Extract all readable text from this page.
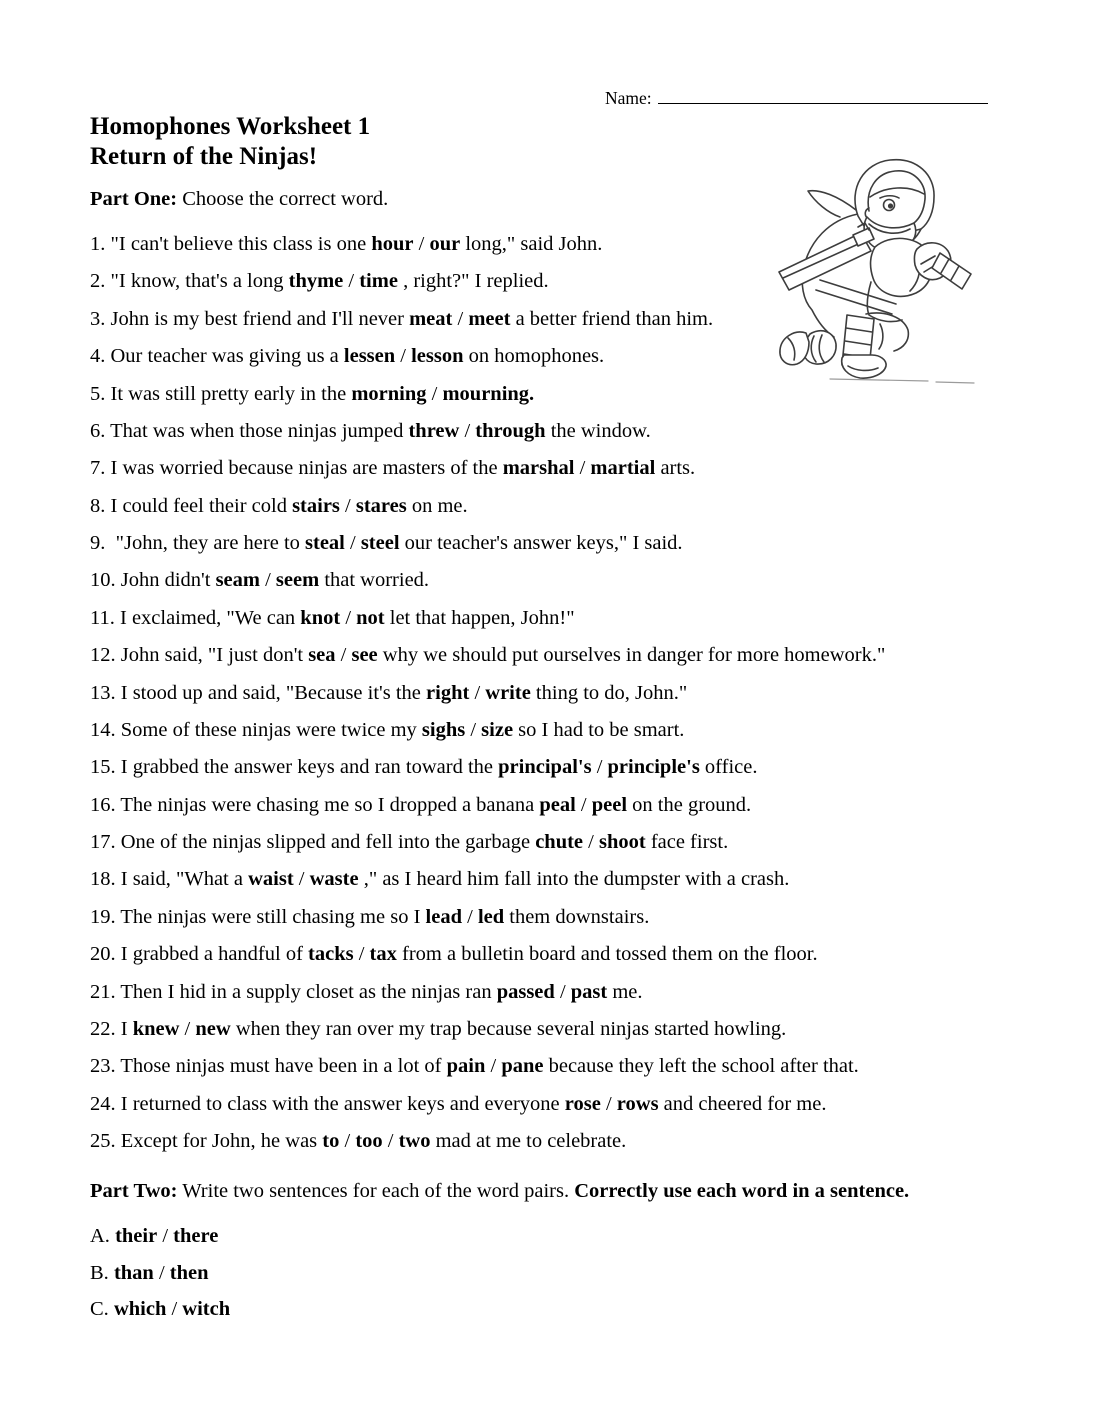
Name:
Homophones Worksheet 1
Return of the Ninjas!
Part One: Choose the correct word.
1. "I can't believe this class is one hour / our long," said John.
2. "I know, that's a long thyme / time , right?" I replied.
3. John is my best friend and I'll never meat / meet a better friend than him.
4. Our teacher was giving us a lessen / lesson on homophones.
5. It was still pretty early in the morning / mourning.
6. That was when those ninjas jumped threw / through the window.
7. I was worried because ninjas are masters of the marshal / martial arts.
8. I could feel their cold stairs / stares on me.
9.  "John, they are here to steal / steel our teacher's answer keys," I said.
10. John didn't seam / seem that worried.
11. I exclaimed, "We can knot / not let that happen, John!"
12. John said, "I just don't sea / see why we should put ourselves in danger for more homework."
13. I stood up and said, "Because it's the right / write thing to do, John."
14. Some of these ninjas were twice my sighs / size so I had to be smart.
15. I grabbed the answer keys and ran toward the principal's / principle's office.
16. The ninjas were chasing me so I dropped a banana peal / peel on the ground.
17. One of the ninjas slipped and fell into the garbage chute / shoot face first.
18. I said, "What a waist / waste ," as I heard him fall into the dumpster with a crash.
19. The ninjas were still chasing me so I lead / led them downstairs.
20. I grabbed a handful of tacks / tax from a bulletin board and tossed them on the floor.
21. Then I hid in a supply closet as the ninjas ran passed / past me.
22. I knew / new when they ran over my trap because several ninjas started howling.
23. Those ninjas must have been in a lot of pain / pane because they left the school after that.
24. I returned to class with the answer keys and everyone rose / rows and cheered for me.
25. Except for John, he was to / too / two mad at me to celebrate.
Part Two: Write two sentences for each of the word pairs. Correctly use each word in a sentence.
A. their / there
B. than / then
C. which / witch
